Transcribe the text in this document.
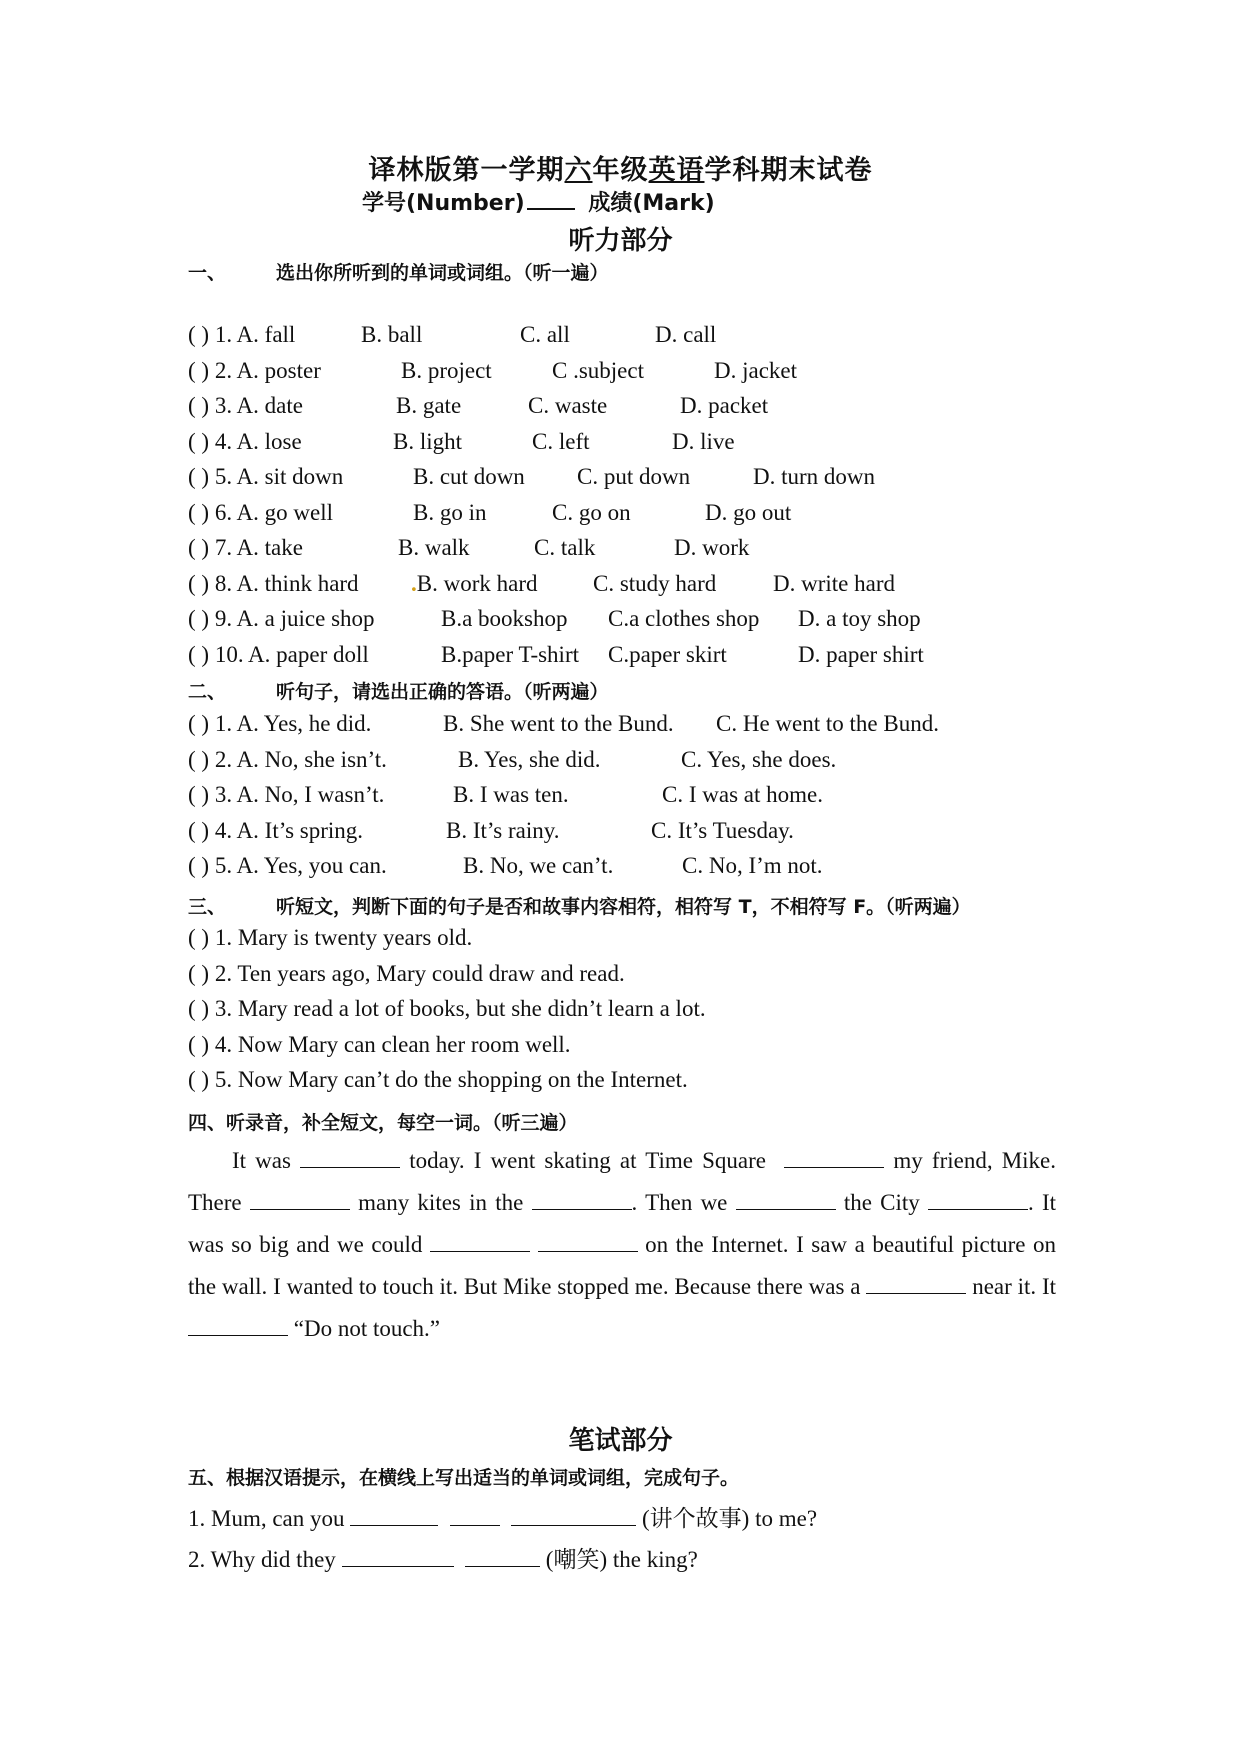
译林版第一学期六年级英语学科期末试卷
学号(Number)	成绩(Mark)
听力部分
一、	选出你所听到的单词或词组。（听一遍）
( ) 1. A. fall	B. ball	C. all	D. call
( ) 2. A. poster	B. project	C .subject	D. jacket
( ) 3. A. date	B. gate	C. waste	D. packet
( ) 4. A. lose	B. light	C. left	D. live
( ) 5. A. sit down	B. cut down C. put down	D. turn down
( ) 6. A. go well	B. go in	C. go on	D. go out
( ) 7. A. take	B. walk	C. talk	D. work
( ) 8. A. think hard .B. work hard C. study hard D. write hard
( ) 9. A. a juice shop	B.a bookshop C.a clothes shop D. a toy shop
( ) 10. A. paper doll	B.paper T-shirt C.paper skirt	D. paper shirt
二、	听句子，请选出正确的答语。（听两遍）
( ) 1. A. Yes, he did.	B. She went to the Bund. C. He went to the Bund.
( ) 2. A. No, she isn’t.	B. Yes, she did.	C. Yes, she does.
( ) 3. A. No, I wasn’t.	B. I was ten.	C. I was at home.
( ) 4. A. It’s spring.	B. It’s rainy.	C. It’s Tuesday.
( ) 5. A. Yes, you can.	B. No, we can’t.	C. No, I’m not.
三、	听短文，判断下面的句子是否和故事内容相符，相符写 T，不相符写 F。（听两遍）
( ) 1. Mary is twenty years old.
( ) 2. Ten years ago, Mary could draw and read.
( ) 3. Mary read a lot of books, but she didn’t learn a lot.
( ) 4. Now Mary can clean her room well.
( ) 5. Now Mary can’t do the shopping on the Internet.
四、听录音，补全短文，每空一词。（听三遍）
It was	today. I went skating at Time Square	my friend, Mike. There	many kites in the	. Then we	the City	. It was so big and we could	on the Internet. I saw a beautiful picture on the wall. I wanted to touch it. But Mike stopped me. Because there was a	near it. It  “Do not touch.”
笔试部分
五、根据汉语提示，在横线上写出适当的单词或词组，完成句子。
1. Mum, can you	(讲个故事) to me?
2. Why did they	(嘲笑) the king?
